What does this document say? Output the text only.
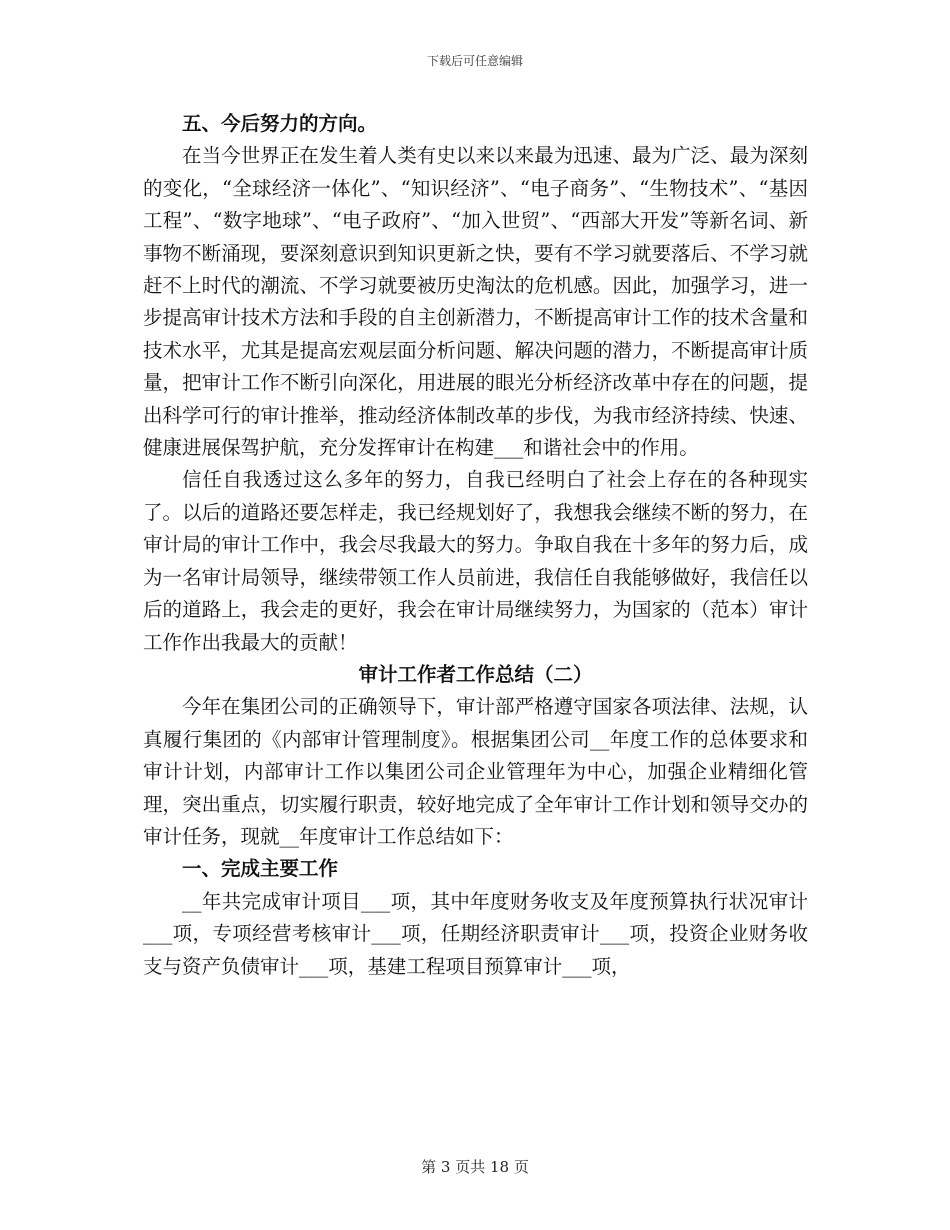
下载后可任意编辑

五、今后努力的方向。

在当今世界正在发生着人类有史以来以来最为迅速、最为广泛、最为深刻的变化，“全球经济一体化”、“知识经济”、“电子商务”、“生物技术”、“基因工程”、“数字地球”、“电子政府”、“加入世贸”、“西部大开发”等新名词、新事物不断涌现，要深刻意识到知识更新之快，要有不学习就要落后、不学习就赶不上时代的潮流、不学习就要被历史淘汰的危机感。因此，加强学习，进一步提高审计技术方法和手段的自主创新潜力，不断提高审计工作的技术含量和技术水平，尤其是提高宏观层面分析问题、解决问题的潜力，不断提高审计质量，把审计工作不断引向深化，用进展的眼光分析经济改革中存在的问题，提出科学可行的审计推举，推动经济体制改革的步伐，为我市经济持续、快速、健康进展保驾护航，充分发挥审计在构建___和谐社会中的作用。

信任自我透过这么多年的努力，自我已经明白了社会上存在的各种现实了。以后的道路还要怎样走，我已经规划好了，我想我会继续不断的努力，在审计局的审计工作中，我会尽我最大的努力。争取自我在十多年的努力后，成为一名审计局领导，继续带领工作人员前进，我信任自我能够做好，我信任以后的道路上，我会走的更好，我会在审计局继续努力，为国家的（范本）审计工作作出我最大的贡献！

审计工作者工作总结（二）

今年在集团公司的正确领导下，审计部严格遵守国家各项法律、法规，认真履行集团的《内部审计管理制度》。根据集团公司__年度工作的总体要求和审计计划，内部审计工作以集团公司企业管理年为中心，加强企业精细化管理，突出重点，切实履行职责，较好地完成了全年审计工作计划和领导交办的审计任务，现就__年度审计工作总结如下：

一、完成主要工作

__年共完成审计项目___项，其中年度财务收支及年度预算执行状况审计___项，专项经营考核审计___项，任期经济职责审计___项，投资企业财务收支与资产负债审计___项，基建工程项目预算审计___项，

第 3 页共 18 页
